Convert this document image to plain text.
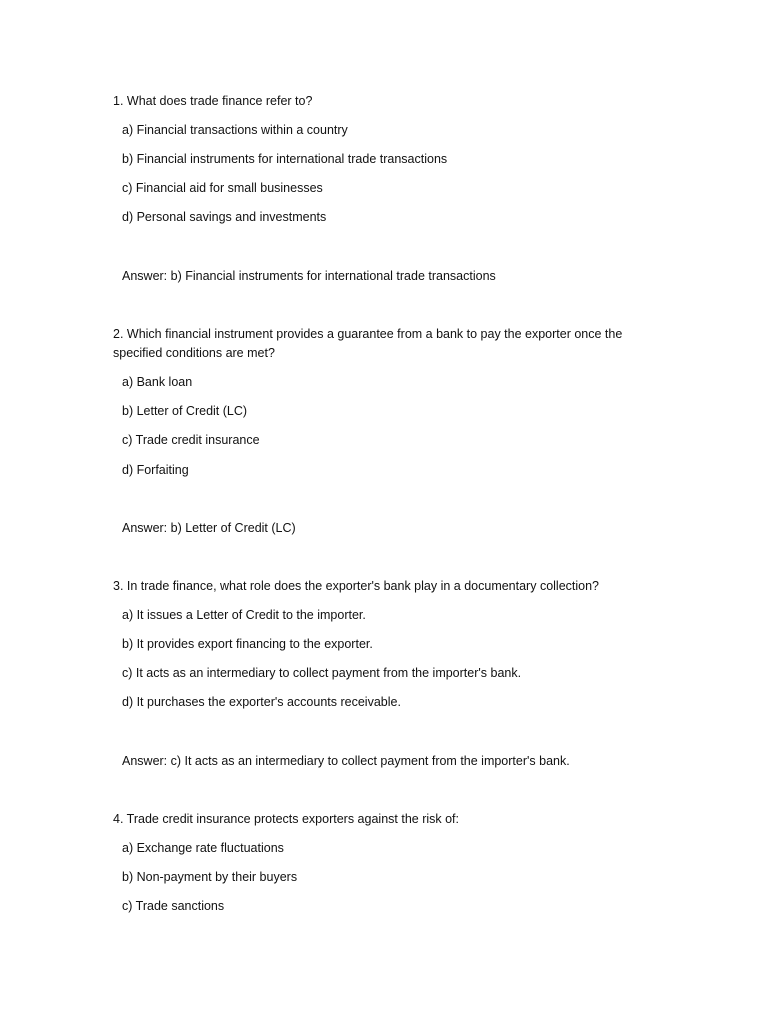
1. What does trade finance refer to?
a) Financial transactions within a country
b) Financial instruments for international trade transactions
c) Financial aid for small businesses
d) Personal savings and investments
Answer: b) Financial instruments for international trade transactions
2. Which financial instrument provides a guarantee from a bank to pay the exporter once the specified conditions are met?
a) Bank loan
b) Letter of Credit (LC)
c) Trade credit insurance
d) Forfaiting
Answer: b) Letter of Credit (LC)
3. In trade finance, what role does the exporter's bank play in a documentary collection?
a) It issues a Letter of Credit to the importer.
b) It provides export financing to the exporter.
c) It acts as an intermediary to collect payment from the importer's bank.
d) It purchases the exporter's accounts receivable.
Answer: c) It acts as an intermediary to collect payment from the importer's bank.
4. Trade credit insurance protects exporters against the risk of:
a) Exchange rate fluctuations
b) Non-payment by their buyers
c) Trade sanctions
